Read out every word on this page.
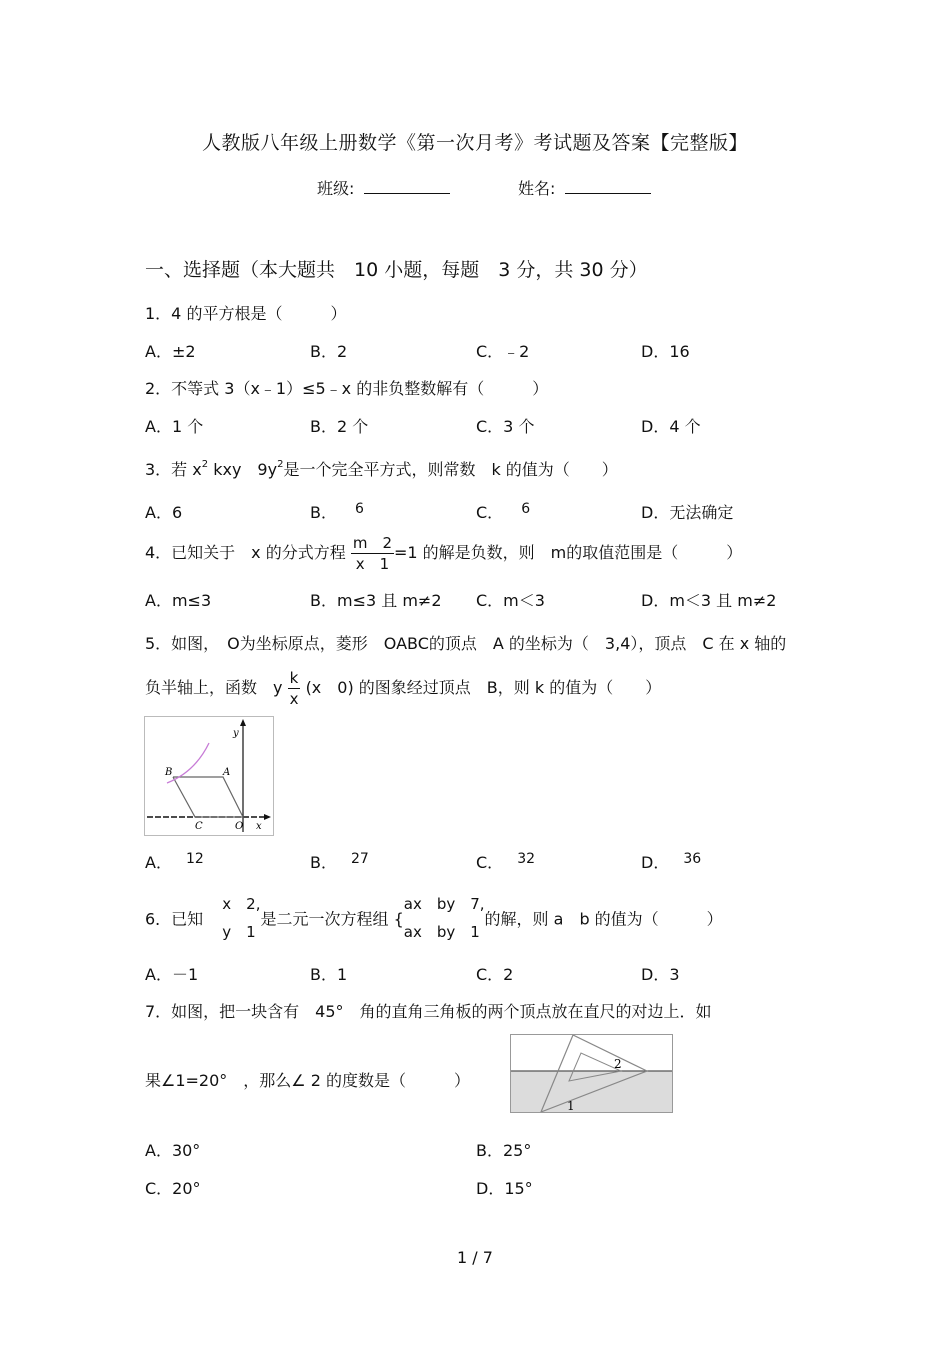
人教版八年级上册数学《第一次月考》考试题及答案【完整版】
班级:	姓名:
一、选择题（本大题共　10 小题，每题　3 分，共 30 分）
1．4 的平方根是（　　　）
A．±2	B．2	C．﹣2	D．16
2．不等式 3（x﹣1）≤5﹣x 的非负整数解有（　　　）
A．1 个	B．2 个	C．3 个	D．4 个
3．若 $x^2$ kxy　$9y^2$是一个完全平方式，则常数　k 的值为（　　）
A．6	B． 6	C． 6	D．无法确定
4．已知关于　x 的分式方程 $\frac{m 2}{x 1} =1$ 的解是负数，则　m的取值范围是（　　　）
A．m≤3	B．m≤3 且 m≠2 C．m＜3	D．m＜3 且 m≠2
5．如图，　O为坐标原点，菱形　OABC的顶点　A 的坐标为（　3,4），顶点　C 在 x 轴的
负半轴上，函数　y $\frac{k}{x} (x$　0) 的图象经过顶点　B，则 k 的值为（　　）
y
x
O
A
B
C
A． 12	B． 27	C． 32	D． 36
6．已知
x　2,
y　1
是二元一次方程组 {
ax　by　7,
ax　by　1
的解，则 a　b 的值为（　　　）
A．－1	B．1	C．2	D．3
7．如图，把一块含有　45°　角的直角三角板的两个顶点放在直尺的对边上．如
果∠1=20°　，那么∠ 2 的度数是（　　　）
2
1
A．30°	B．25°
C．20°	D．15°
1 / 7
